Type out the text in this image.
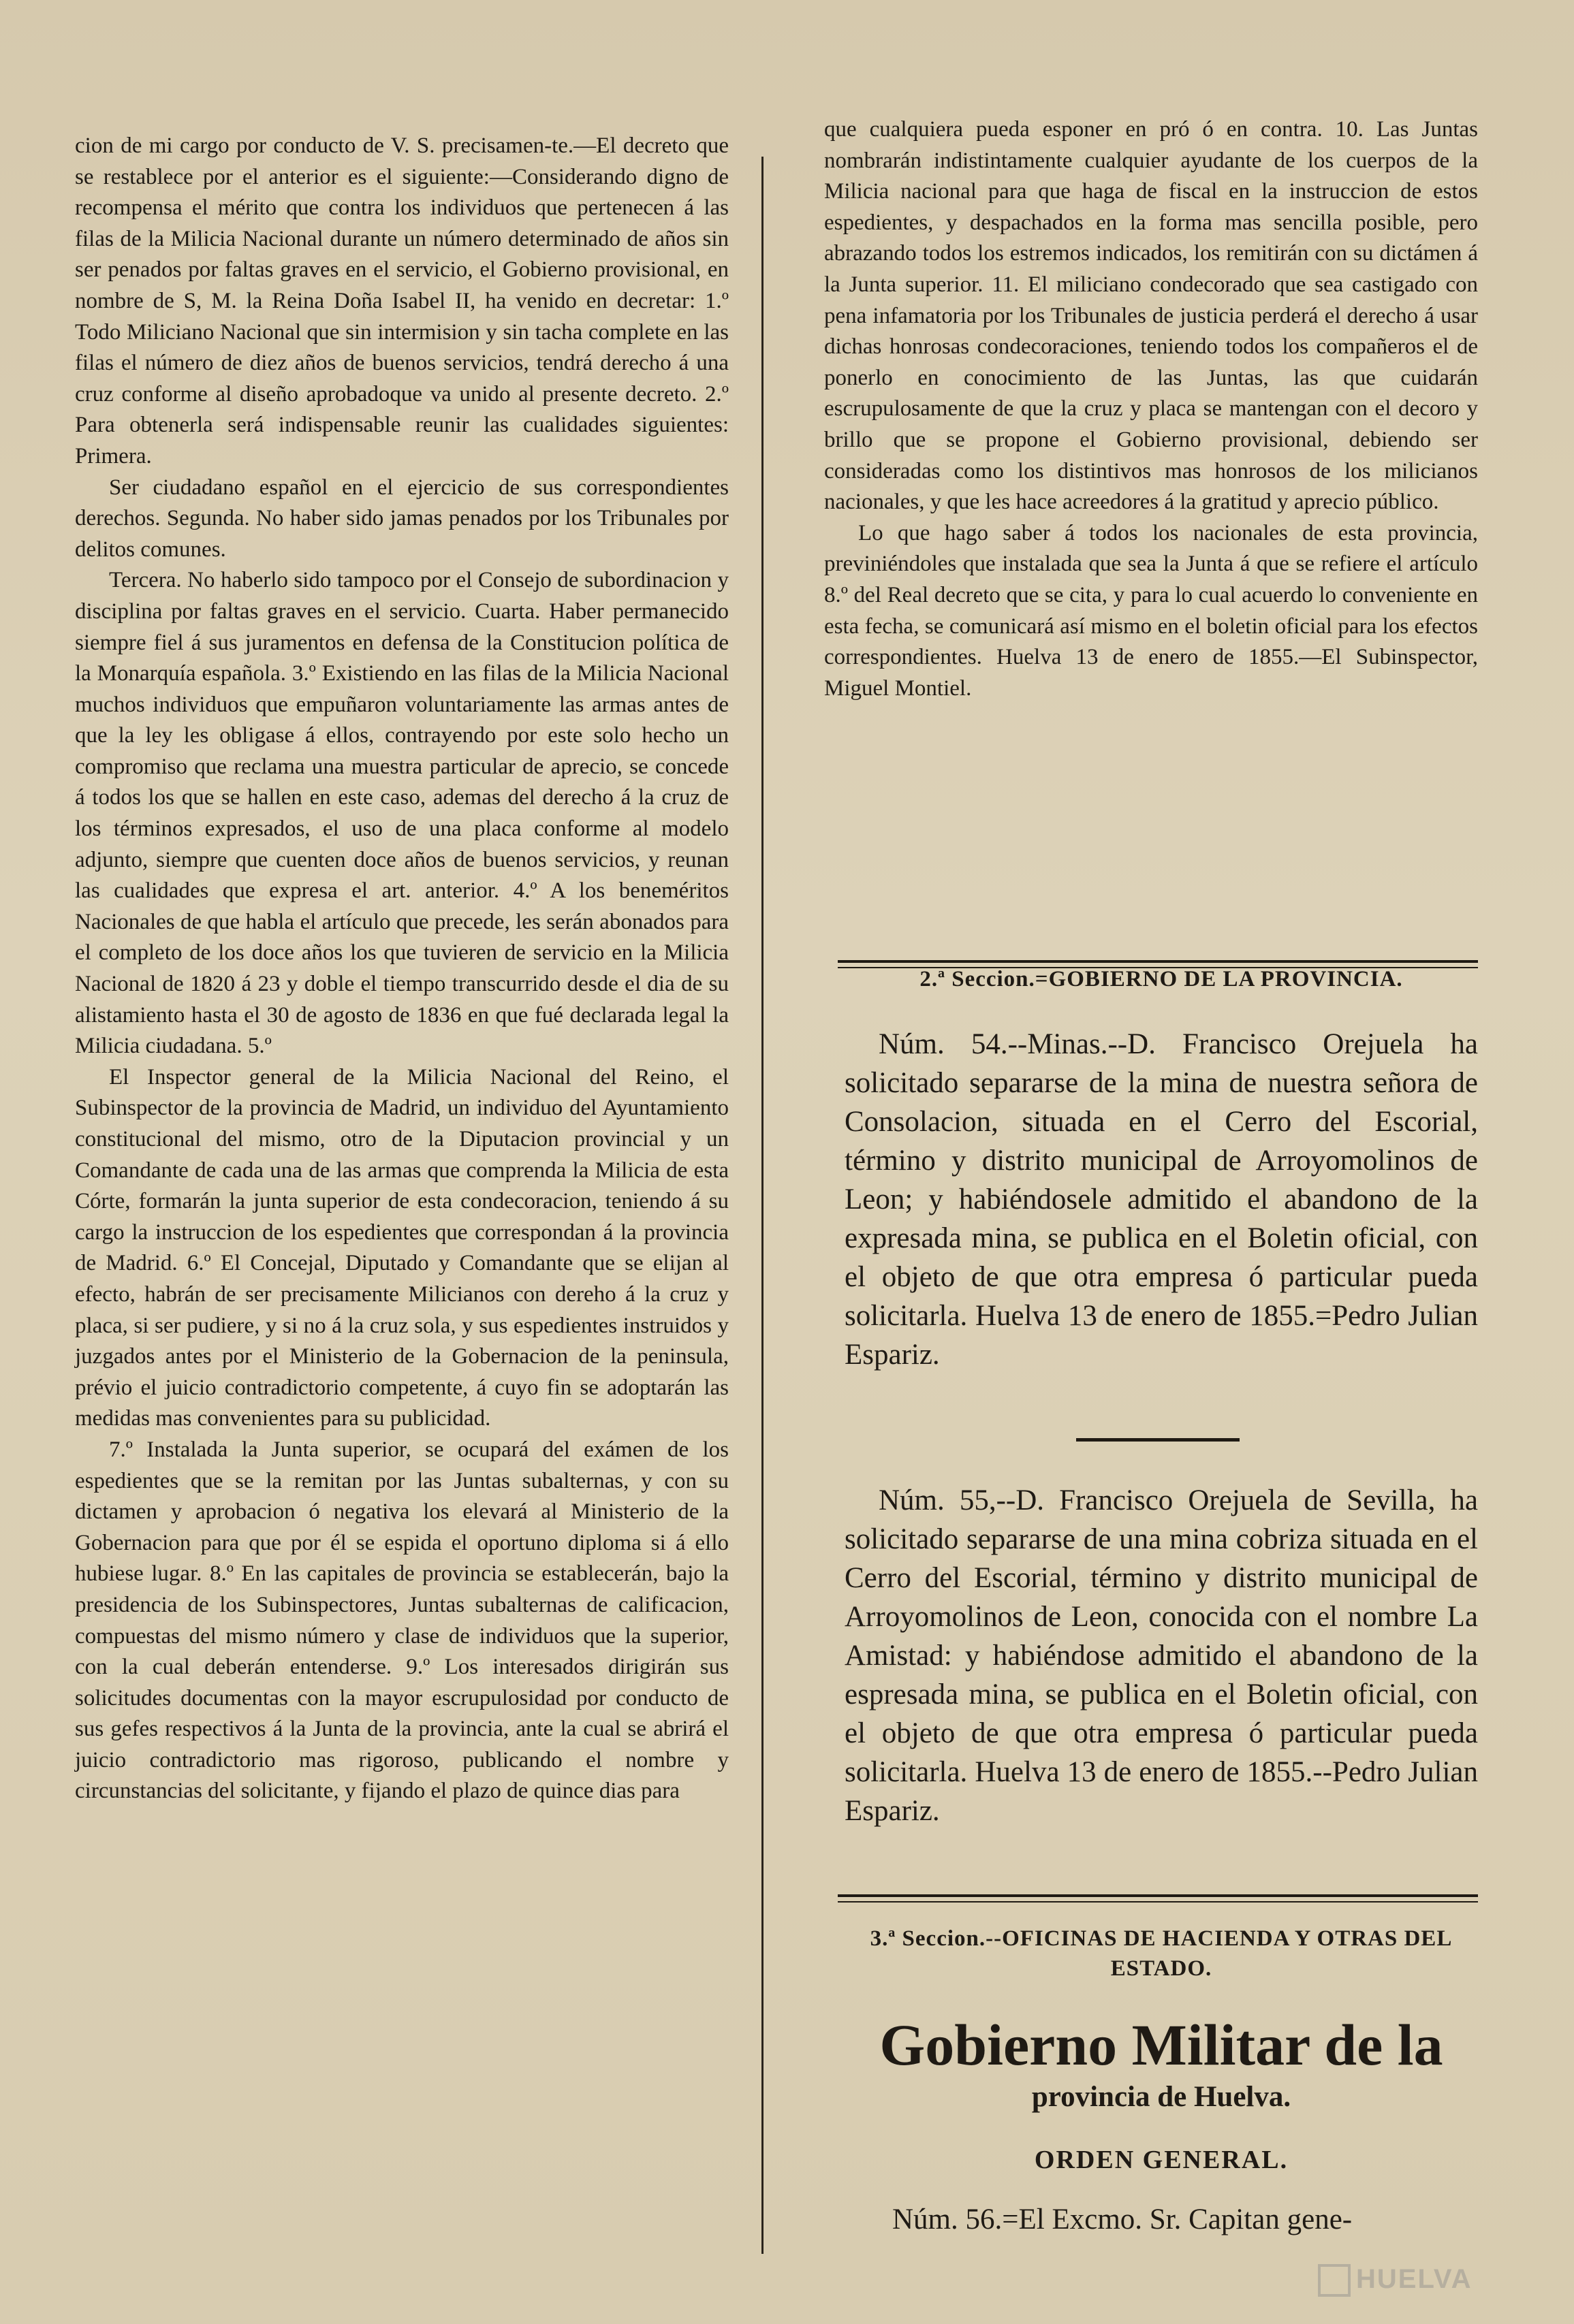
cion de mi cargo por conducto de V. S. precisamen-te.—El decreto que se restablece por el anterior es el siguiente:—Considerando digno de recompensa el mérito que contra los individuos que pertenecen á las filas de la Milicia Nacional durante un número determinado de años sin ser penados por faltas graves en el servicio, el Gobierno provisional, en nombre de S, M. la Reina Doña Isabel II, ha venido en decretar: 1.º Todo Miliciano Nacional que sin intermision y sin tacha complete en las filas el número de diez años de buenos servicios, tendrá derecho á una cruz conforme al diseño aprobadoque va unido al presente decreto. 2.º Para obtenerla será indispensable reunir las cualidades siguientes: Primera.

Ser ciudadano español en el ejercicio de sus correspondientes derechos. Segunda. No haber sido jamas penados por los Tribunales por delitos comunes.

Tercera. No haberlo sido tampoco por el Consejo de subordinacion y disciplina por faltas graves en el servicio. Cuarta. Haber permanecido siempre fiel á sus juramentos en defensa de la Constitucion política de la Monarquía española. 3.º Existiendo en las filas de la Milicia Nacional muchos individuos que empuñaron voluntariamente las armas antes de que la ley les obligase á ellos, contrayendo por este solo hecho un compromiso que reclama una muestra particular de aprecio, se concede á todos los que se hallen en este caso, ademas del derecho á la cruz de los términos expresados, el uso de una placa conforme al modelo adjunto, siempre que cuenten doce años de buenos servicios, y reunan las cualidades que expresa el art. anterior. 4.º A los beneméritos Nacionales de que habla el artículo que precede, les serán abonados para el completo de los doce años los que tuvieren de servicio en la Milicia Nacional de 1820 á 23 y doble el tiempo transcurrido desde el dia de su alistamiento hasta el 30 de agosto de 1836 en que fué declarada legal la Milicia ciudadana. 5.º

El Inspector general de la Milicia Nacional del Reino, el Subinspector de la provincia de Madrid, un individuo del Ayuntamiento constitucional del mismo, otro de la Diputacion provincial y un Comandante de cada una de las armas que comprenda la Milicia de esta Córte, formarán la junta superior de esta condecoracion, teniendo á su cargo la instruccion de los espedientes que correspondan á la provincia de Madrid. 6.º El Concejal, Diputado y Comandante que se elijan al efecto, habrán de ser precisamente Milicianos con dereho á la cruz y placa, si ser pudiere, y si no á la cruz sola, y sus espedientes instruidos y juzgados antes por el Ministerio de la Gobernacion de la peninsula, prévio el juicio contradictorio competente, á cuyo fin se adoptarán las medidas mas convenientes para su publicidad.

7.º Instalada la Junta superior, se ocupará del exámen de los espedientes que se la remitan por las Juntas subalternas, y con su dictamen y aprobacion ó negativa los elevará al Ministerio de la Gobernacion para que por él se espida el oportuno diploma si á ello hubiese lugar. 8.º En las capitales de provincia se establecerán, bajo la presidencia de los Subinspectores, Juntas subalternas de calificacion, compuestas del mismo número y clase de individuos que la superior, con la cual deberán entenderse. 9.º Los interesados dirigirán sus solicitudes documentas con la mayor escrupulosidad por conducto de sus gefes respectivos á la Junta de la provincia, ante la cual se abrirá el juicio contradictorio mas rigoroso, publicando el nombre y circunstancias del solicitante, y fijando el plazo de quince dias para

que cualquiera pueda esponer en pró ó en contra. 10. Las Juntas nombrarán indistintamente cualquier ayudante de los cuerpos de la Milicia nacional para que haga de fiscal en la instruccion de estos espedientes, y despachados en la forma mas sencilla posible, pero abrazando todos los estremos indicados, los remitirán con su dictámen á la Junta superior. 11. El miliciano condecorado que sea castigado con pena infamatoria por los Tribunales de justicia perderá el derecho á usar dichas honrosas condecoraciones, teniendo todos los compañeros el de ponerlo en conocimiento de las Juntas, las que cuidarán escrupulosamente de que la cruz y placa se mantengan con el decoro y brillo que se propone el Gobierno provisional, debiendo ser consideradas como los distintivos mas honrosos de los milicianos nacionales, y que les hace acreedores á la gratitud y aprecio público.

Lo que hago saber á todos los nacionales de esta provincia, previniéndoles que instalada que sea la Junta á que se refiere el artículo 8.º del Real decreto que se cita, y para lo cual acuerdo lo conveniente en esta fecha, se comunicará así mismo en el boletin oficial para los efectos correspondientes. Huelva 13 de enero de 1855.—El Subinspector, Miguel Montiel.

2.ª Seccion.=GOBIERNO DE LA PROVINCIA.

Núm. 54.--Minas.--D. Francisco Orejuela ha solicitado separarse de la mina de nuestra señora de Consolacion, situada en el Cerro del Escorial, término y distrito municipal de Arroyomolinos de Leon; y habiéndosele admitido el abandono de la expresada mina, se publica en el Boletin oficial, con el objeto de que otra empresa ó particular pueda solicitarla. Huelva 13 de enero de 1855.=Pedro Julian Espariz.

Núm. 55,--D. Francisco Orejuela de Sevilla, ha solicitado separarse de una mina cobriza situada en el Cerro del Escorial, término y distrito municipal de Arroyomolinos de Leon, conocida con el nombre La Amistad: y habiéndose admitido el abandono de la espresada mina, se publica en el Boletin oficial, con el objeto de que otra empresa ó particular pueda solicitarla. Huelva 13 de enero de 1855.--Pedro Julian Espariz.

3.ª Seccion.--OFICINAS DE HACIENDA Y OTRAS DEL ESTADO.
Gobierno Militar de la
provincia de Huelva.
ORDEN GENERAL.
Núm. 56.=El Excmo. Sr. Capitan gene-
HUELVA
